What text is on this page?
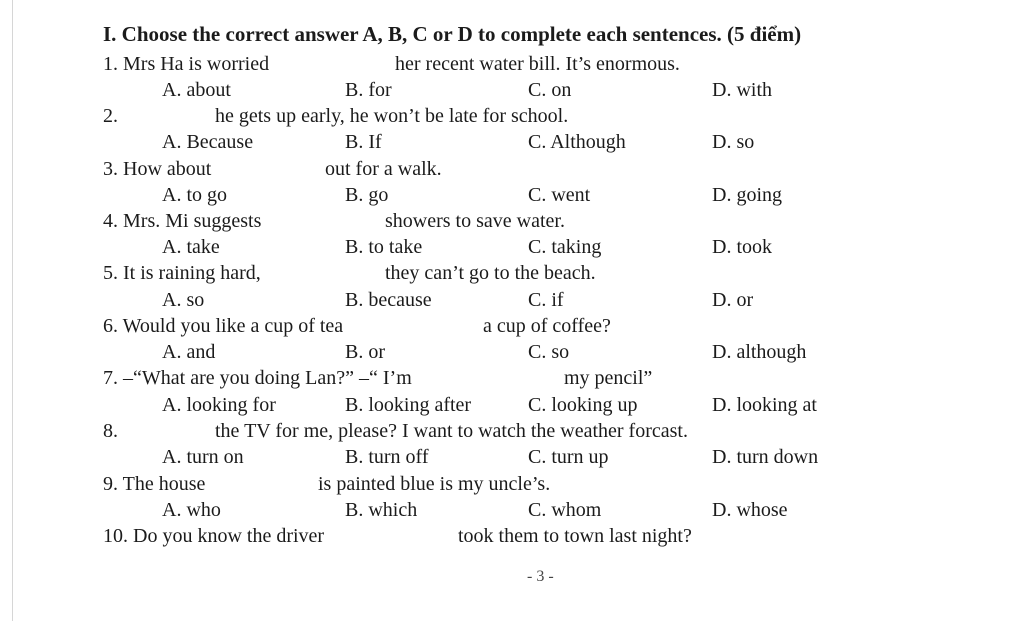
I. Choose the correct answer A, B, C or D to complete each sentences. (5 điểm)
1. Mrs Ha is worried	her recent water bill. It’s enormous.
A. about	B. for	C. on	D. with
2.	he gets up early, he won’t be late for school.
A. Because	B. If	C. Although	D. so
3. How about	out for a walk.
A. to go	B. go	C. went	D. going
4. Mrs. Mi suggests	showers to save water.
A. take	B. to take	C. taking	D. took
5. It is raining hard,	they can’t go to the beach.
A. so	B. because	C. if	D. or
6. Would you like a cup of tea	a cup of coffee?
A. and	B. or	C. so	D. although
7. –“What are you doing Lan?” –“ I’m	my pencil”
A. looking for	B. looking after	C. looking up	D. looking at
8.	the TV for me, please? I want to watch the weather forcast.
A. turn on	B. turn off	C. turn up	D. turn down
9. The house	is painted blue is my uncle’s.
A. who	B. which	C. whom	D. whose
10. Do you know the driver	took them to town last night?
- 3 -
